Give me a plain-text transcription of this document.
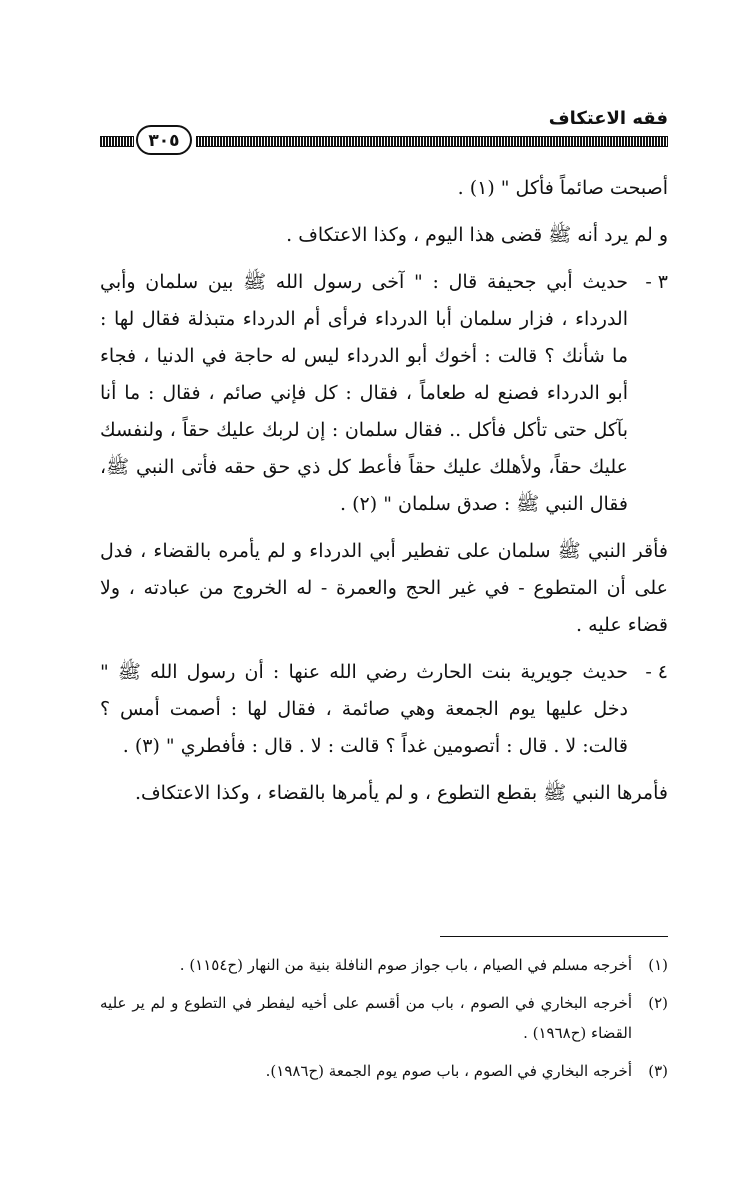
فقه الاعتكاف
٣٠٥

أصبحت صائماً فأكل " (١) .

و لم يرد أنه ﷺ قضى هذا اليوم ، وكذا الاعتكاف .

٣ -
حديث أبي جحيفة قال : " آخى رسول الله ﷺ بين سلمان وأبي الدرداء ، فزار سلمان أبا الدرداء فرأى أم الدرداء متبذلة فقال لها : ما شأنك ؟ قالت : أخوك أبو الدرداء ليس له حاجة في الدنيا ، فجاء أبو الدرداء فصنع له طعاماً ، فقال : كل فإني صائم ، فقال : ما أنا بآكل حتى تأكل فأكل .. فقال سلمان : إن لربك عليك حقاً ، ولنفسك عليك حقاً، ولأهلك عليك حقاً فأعط كل ذي حق حقه فأتى النبي ﷺ، فقال النبي ﷺ : صدق سلمان " (٢) .

فأقر النبي ﷺ سلمان على تفطير أبي الدرداء و لم يأمره بالقضاء ، فدل على أن المتطوع - في غير الحج والعمرة - له الخروج من عبادته ، ولا قضاء عليه .

٤ -
حديث جويرية بنت الحارث رضي الله عنها : أن رسول الله ﷺ " دخل عليها يوم الجمعة وهي صائمة ، فقال لها : أصمت أمس ؟ قالت: لا . قال : أتصومين غداً ؟ قالت : لا . قال : فأفطري " (٣) .

فأمرها النبي ﷺ بقطع التطوع ، و لم يأمرها بالقضاء ، وكذا الاعتكاف.

(١)
أخرجه مسلم في الصيام ، باب جواز صوم النافلة بنية من النهار (ح١١٥٤) .
(٢)
أخرجه البخاري في الصوم ، باب من أقسم على أخيه ليفطر في التطوع و لم ير عليه القضاء (ح١٩٦٨) .
(٣)
أخرجه البخاري في الصوم ، باب صوم يوم الجمعة (ح١٩٨٦).
